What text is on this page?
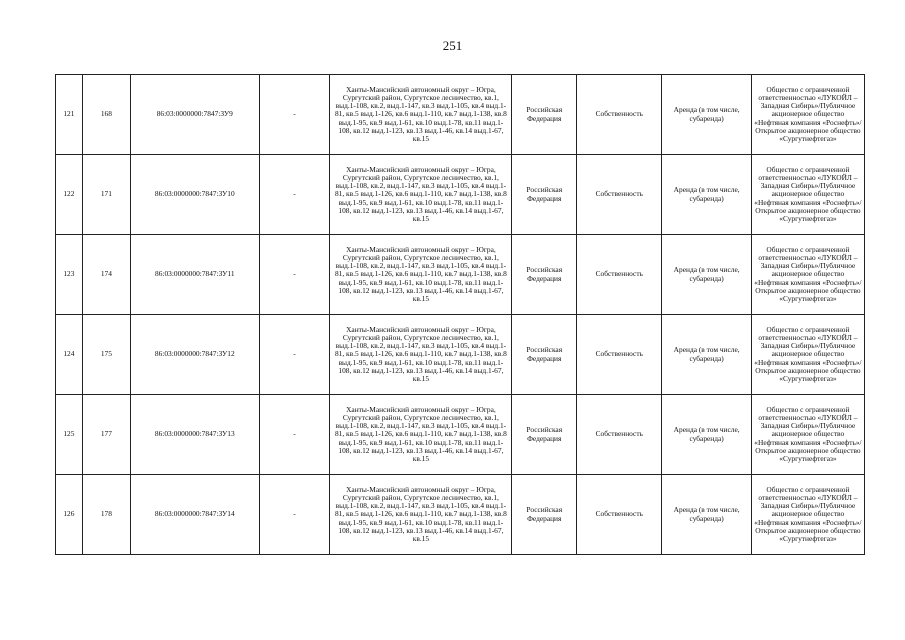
251
121	168	86:03:0000000:7847:ЗУ9	-	Ханты-Мансийский автономный округ – Югра, Сургутский район, Сургутское лесничество, кв.1, выд.1-108, кв.2, выд.1-147, кв.3 выд.1-105, кв.4 выд.1-81, кв.5 выд.1-126, кв.6 выд.1-110, кв.7 выд.1-138, кв.8 выд.1-95, кв.9 выд.1-61, кв.10 выд.1-78, кв.11 выд.1-108, кв.12 выд.1-123, кв.13 выд.1-46, кв.14 выд.1-67, кв.15	Российская Федерация	Собственность	Аренда (в том числе, субаренда)	Общество с ограниченной ответственностью «ЛУКОЙЛ – Западная Сибирь»/Публичное акционерное общество «Нефтяная компания «Роснефть»/Открытое акционерное общество «Сургутнефтегаз»
122	171	86:03:0000000:7847:ЗУ10	-	Ханты-Мансийский автономный округ – Югра, Сургутский район, Сургутское лесничество, кв.1, выд.1-108, кв.2, выд.1-147, кв.3 выд.1-105, кв.4 выд.1-81, кв.5 выд.1-126, кв.6 выд.1-110, кв.7 выд.1-138, кв.8 выд.1-95, кв.9 выд.1-61, кв.10 выд.1-78, кв.11 выд.1-108, кв.12 выд.1-123, кв.13 выд.1-46, кв.14 выд.1-67, кв.15	Российская Федерация	Собственность	Аренда (в том числе, субаренда)	Общество с ограниченной ответственностью «ЛУКОЙЛ – Западная Сибирь»/Публичное акционерное общество «Нефтяная компания «Роснефть»/Открытое акционерное общество «Сургутнефтегаз»
123	174	86:03:0000000:7847:ЗУ11	-	Ханты-Мансийский автономный округ – Югра, Сургутский район, Сургутское лесничество, кв.1, выд.1-108, кв.2, выд.1-147, кв.3 выд.1-105, кв.4 выд.1-81, кв.5 выд.1-126, кв.6 выд.1-110, кв.7 выд.1-138, кв.8 выд.1-95, кв.9 выд.1-61, кв.10 выд.1-78, кв.11 выд.1-108, кв.12 выд.1-123, кв.13 выд.1-46, кв.14 выд.1-67, кв.15	Российская Федерация	Собственность	Аренда (в том числе, субаренда)	Общество с ограниченной ответственностью «ЛУКОЙЛ – Западная Сибирь»/Публичное акционерное общество «Нефтяная компания «Роснефть»/Открытое акционерное общество «Сургутнефтегаз»
124	175	86:03:0000000:7847:ЗУ12	-	Ханты-Мансийский автономный округ – Югра, Сургутский район, Сургутское лесничество, кв.1, выд.1-108, кв.2, выд.1-147, кв.3 выд.1-105, кв.4 выд.1-81, кв.5 выд.1-126, кв.6 выд.1-110, кв.7 выд.1-138, кв.8 выд.1-95, кв.9 выд.1-61, кв.10 выд.1-78, кв.11 выд.1-108, кв.12 выд.1-123, кв.13 выд.1-46, кв.14 выд.1-67, кв.15	Российская Федерация	Собственность	Аренда (в том числе, субаренда)	Общество с ограниченной ответственностью «ЛУКОЙЛ – Западная Сибирь»/Публичное акционерное общество «Нефтяная компания «Роснефть»/Открытое акционерное общество «Сургутнефтегаз»
125	177	86:03:0000000:7847:ЗУ13	-	Ханты-Мансийский автономный округ – Югра, Сургутский район, Сургутское лесничество, кв.1, выд.1-108, кв.2, выд.1-147, кв.3 выд.1-105, кв.4 выд.1-81, кв.5 выд.1-126, кв.6 выд.1-110, кв.7 выд.1-138, кв.8 выд.1-95, кв.9 выд.1-61, кв.10 выд.1-78, кв.11 выд.1-108, кв.12 выд.1-123, кв.13 выд.1-46, кв.14 выд.1-67, кв.15	Российская Федерация	Собственность	Аренда (в том числе, субаренда)	Общество с ограниченной ответственностью «ЛУКОЙЛ – Западная Сибирь»/Публичное акционерное общество «Нефтяная компания «Роснефть»/Открытое акционерное общество «Сургутнефтегаз»
126	178	86:03:0000000:7847:ЗУ14	-	Ханты-Мансийский автономный округ – Югра, Сургутский район, Сургутское лесничество, кв.1, выд.1-108, кв.2, выд.1-147, кв.3 выд.1-105, кв.4 выд.1-81, кв.5 выд.1-126, кв.6 выд.1-110, кв.7 выд.1-138, кв.8 выд.1-95, кв.9 выд.1-61, кв.10 выд.1-78, кв.11 выд.1-108, кв.12 выд.1-123, кв.13 выд.1-46, кв.14 выд.1-67, кв.15	Российская Федерация	Собственность	Аренда (в том числе, субаренда)	Общество с ограниченной ответственностью «ЛУКОЙЛ – Западная Сибирь»/Публичное акционерное общество «Нефтяная компания «Роснефть»/Открытое акционерное общество «Сургутнефтегаз»
